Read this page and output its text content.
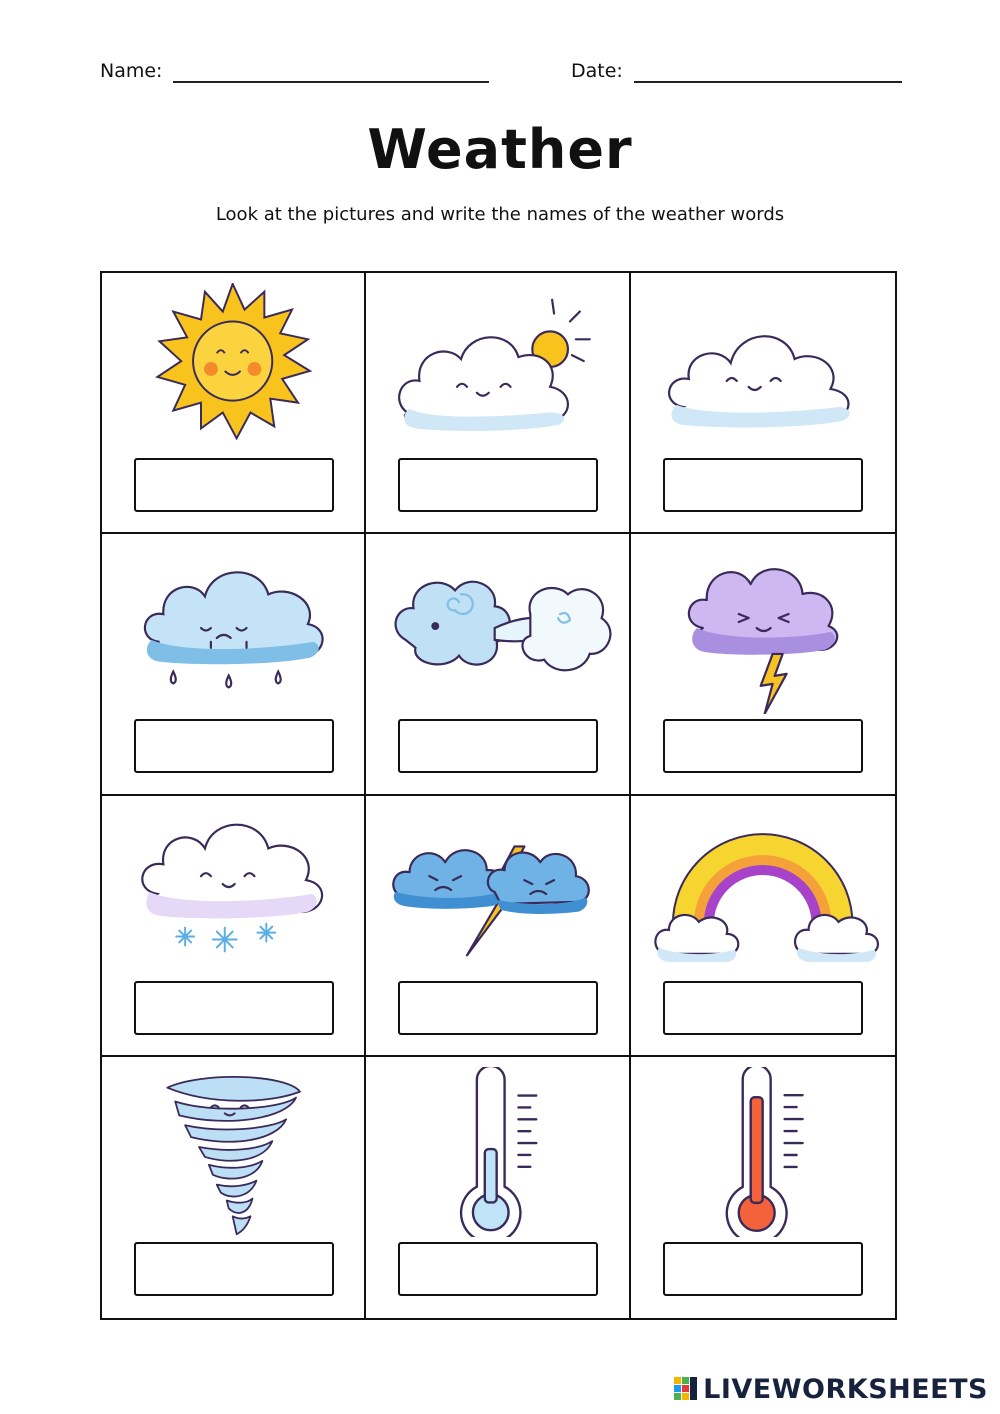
Name:	Date:
Weather
Look at the pictures and write the names of the weather words
LIVEWORKSHEETS
